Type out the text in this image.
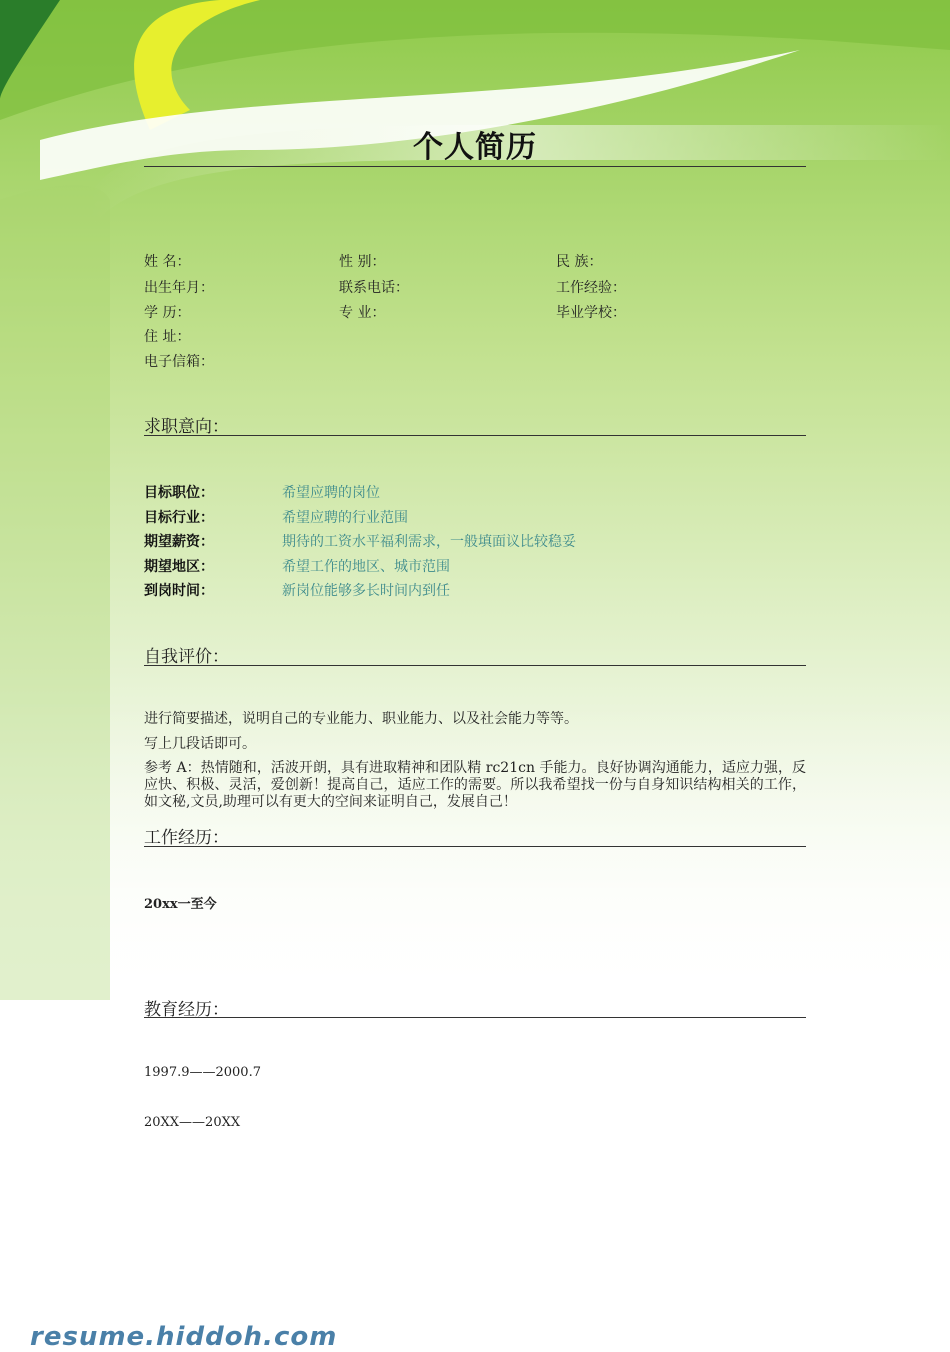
个人简历
姓 名：	性 别：	民 族：
出生年月：	联系电话：	工作经验：
学 历：	专 业：	毕业学校：
住 址：
电子信箱：
求职意向：
目标职位：	希望应聘的岗位
目标行业：	希望应聘的行业范围
期望薪资：	期待的工资水平福利需求，一般填面议比较稳妥
期望地区：	希望工作的地区、城市范围
到岗时间：	新岗位能够多长时间内到任
自我评价：
进行简要描述，说明自己的专业能力、职业能力、以及社会能力等等。
写上几段话即可。
参考 A：热情随和，活波开朗，具有进取精神和团队精 rc21cn 手能力。良好协调沟通能力，适应力强，反应快、积极、灵活，爱创新！提高自己，适应工作的需要。所以我希望找一份与自身知识结构相关的工作，如文秘,文员,助理可以有更大的空间来证明自己，发展自己！
工作经历：
20xx一至今
教育经历：
1997.9——2000.7
20XX——20XX
resume.hiddoh.com
